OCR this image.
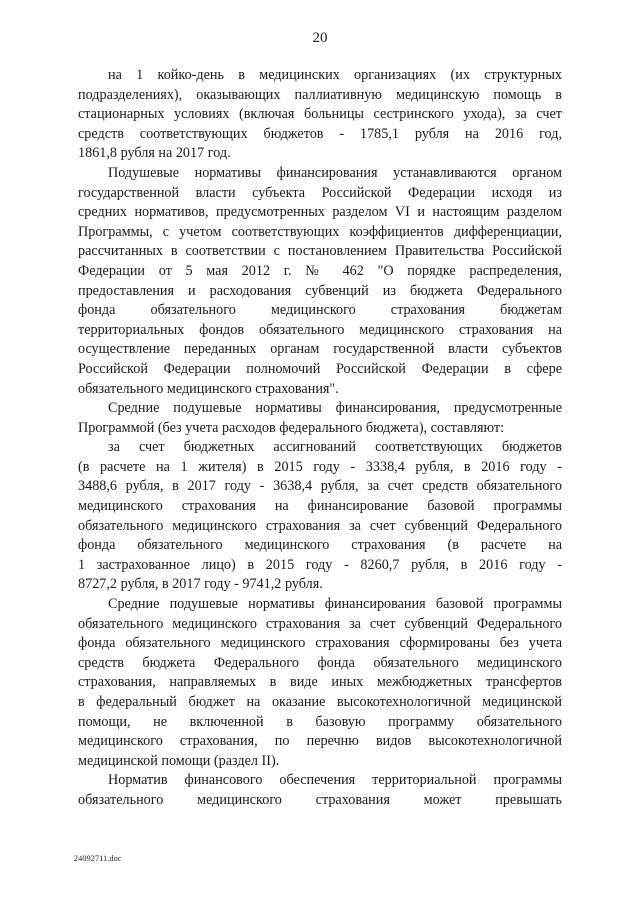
20
на 1 койко-день в медицинских организациях (их структурных
подразделениях), оказывающих паллиативную медицинскую помощь в
стационарных условиях (включая больницы сестринского ухода), за счет
средств соответствующих бюджетов - 1785,1 рубля на 2016 год,
1861,8 рубля на 2017 год.
Подушевые нормативы финансирования устанавливаются органом
государственной власти субъекта Российской Федерации исходя из
средних нормативов, предусмотренных разделом VI и настоящим разделом
Программы, с учетом соответствующих коэффициентов дифференциации,
рассчитанных в соответствии с постановлением Правительства Российской
Федерации от 5 мая 2012 г. № 462 "О порядке распределения,
предоставления и расходования субвенций из бюджета Федерального
фонда обязательного медицинского страхования бюджетам
территориальных фондов обязательного медицинского страхования на
осуществление переданных органам государственной власти субъектов
Российской Федерации полномочий Российской Федерации в сфере
обязательного медицинского страхования".
Средние подушевые нормативы финансирования, предусмотренные
Программой (без учета расходов федерального бюджета), составляют:
за счет бюджетных ассигнований соответствующих бюджетов
(в расчете на 1 жителя) в 2015 году - 3338,4 рубля, в 2016 году -
3488,6 рубля, в 2017 году - 3638,4 рубля, за счет средств обязательного
медицинского страхования на финансирование базовой программы
обязательного медицинского страхования за счет субвенций Федерального
фонда обязательного медицинского страхования (в расчете на
1 застрахованное лицо) в 2015 году - 8260,7 рубля, в 2016 году -
8727,2 рубля, в 2017 году - 9741,2 рубля.
Средние подушевые нормативы финансирования базовой программы
обязательного медицинского страхования за счет субвенций Федерального
фонда обязательного медицинского страхования сформированы без учета
средств бюджета Федерального фонда обязательного медицинского
страхования, направляемых в виде иных межбюджетных трансфертов
в федеральный бюджет на оказание высокотехнологичной медицинской
помощи, не включенной в базовую программу обязательного
медицинского страхования, по перечню видов высокотехнологичной
медицинской помощи (раздел II).
Норматив финансового обеспечения территориальной программы
обязательного медицинского страхования может превышать
24092711.doc
